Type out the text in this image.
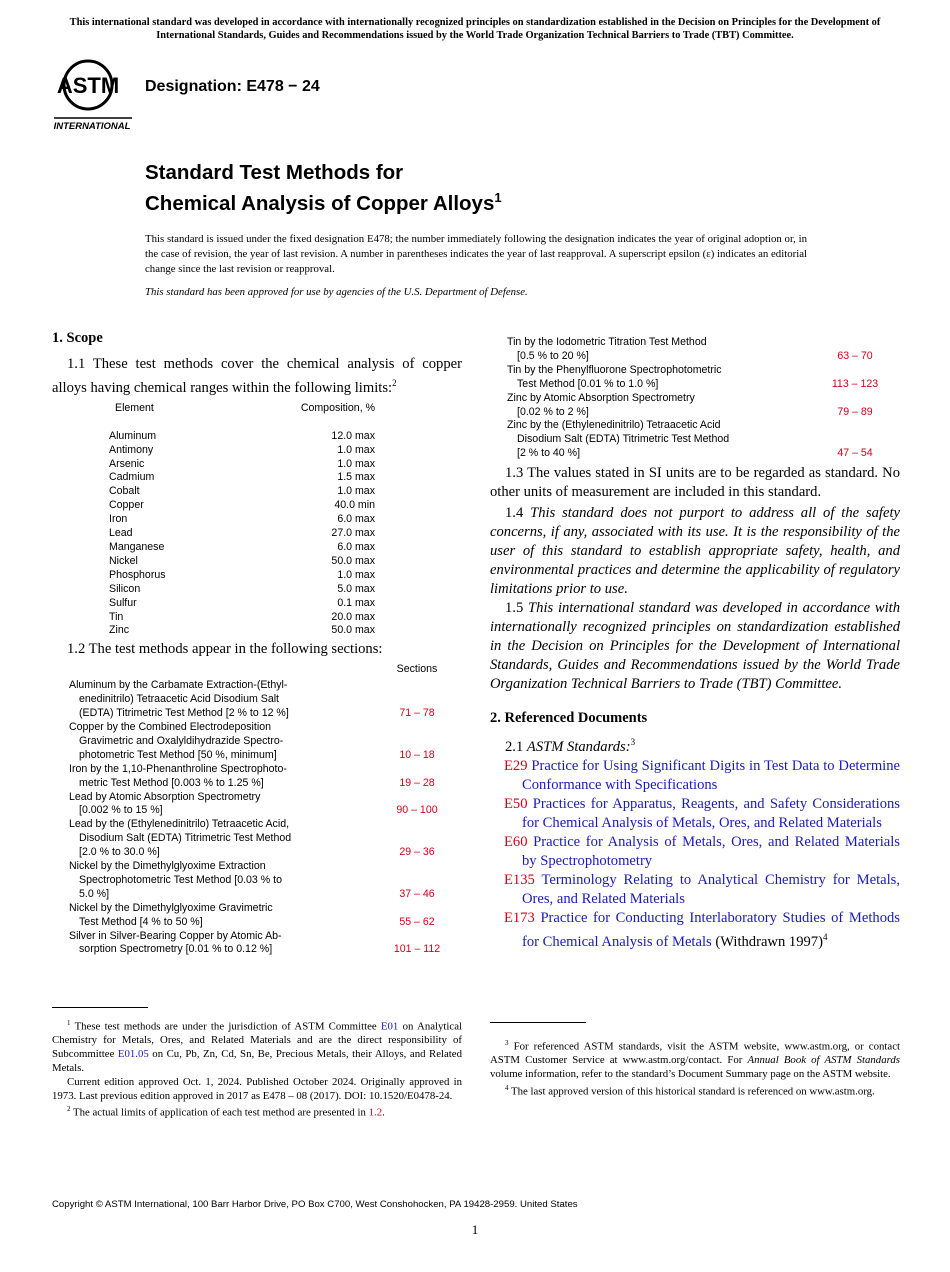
This international standard was developed in accordance with internationally recognized principles on standardization established in the Decision on Principles for the Development of International Standards, Guides and Recommendations issued by the World Trade Organization Technical Barriers to Trade (TBT) Committee.
ASTM
INTERNATIONAL
Designation: E478 − 24
Standard Test Methods for
Chemical Analysis of Copper Alloys$^1$
This standard is issued under the fixed designation E478; the number immediately following the designation indicates the year of original adoption or, in the case of revision, the year of last revision. A number in parentheses indicates the year of last reapproval. A superscript epsilon (ε) indicates an editorial change since the last revision or reapproval.
This standard has been approved for use by agencies of the U.S. Department of Defense.

1. Scope

1.1 These test methods cover the chemical analysis of copper alloys having chemical ranges within the following limits:$^2$

Element	Composition, %

Aluminum	12.0 max
Antimony	1.0 max
Arsenic	1.0 max
Cadmium	1.5 max
Cobalt	1.0 max
Copper	40.0 min
Iron	6.0 max
Lead	27.0 max
Manganese	6.0 max
Nickel	50.0 max
Phosphorus	1.0 max
Silicon	5.0 max
Sulfur	0.1 max
Tin	20.0 max
Zinc	50.0 max

1.2 The test methods appear in the following sections:

Sections
Aluminum by the Carbamate Extraction-(Ethyl-
enedinitrilo) Tetraacetic Acid Disodium Salt
(EDTA) Titrimetric Test Method [2 % to 12 %]	71 – 78
Copper by the Combined Electrodeposition
Gravimetric and Oxalyldihydrazide Spectro-
photometric Test Method [50 %, minimum]	10 – 18
Iron by the 1,10-Phenanthroline Spectrophoto-
metric Test Method [0.003 % to 1.25 %]	19 – 28
Lead by Atomic Absorption Spectrometry
[0.002 % to 15 %]	90 – 100
Lead by the (Ethylenedinitrilo) Tetraacetic Acid,
Disodium Salt (EDTA) Titrimetric Test Method
[2.0 % to 30.0 %]	29 – 36
Nickel by the Dimethylglyoxime Extraction
Spectrophotometric Test Method [0.03 % to
5.0 %]	37 – 46
Nickel by the Dimethylglyoxime Gravimetric
Test Method [4 % to 50 %]	55 – 62
Silver in Silver-Bearing Copper by Atomic Ab-
sorption Spectrometry [0.01 % to 0.12 %]	101 – 112

$^1$ These test methods are under the jurisdiction of ASTM Committee E01 on Analytical Chemistry for Metals, Ores, and Related Materials and are the direct responsibility of Subcommittee E01.05 on Cu, Pb, Zn, Cd, Sn, Be, Precious Metals, their Alloys, and Related Metals.

Current edition approved Oct. 1, 2024. Published October 2024. Originally approved in 1973. Last previous edition approved in 2017 as E478 – 08 (2017). DOI: 10.1520/E0478-24.

$^2$ The actual limits of application of each test method are presented in 1.2.

Tin by the Iodometric Titration Test Method
[0.5 % to 20 %]	63 – 70
Tin by the Phenylfluorone Spectrophotometric
Test Method [0.01 % to 1.0 %]	113 – 123
Zinc by Atomic Absorption Spectrometry
[0.02 % to 2 %]	79 – 89
Zinc by the (Ethylenedinitrilo) Tetraacetic Acid
Disodium Salt (EDTA) Titrimetric Test Method
[2 % to 40 %]	47 – 54

1.3 The values stated in SI units are to be regarded as standard. No other units of measurement are included in this standard.

1.4 This standard does not purport to address all of the safety concerns, if any, associated with its use. It is the responsibility of the user of this standard to establish appropriate safety, health, and environmental practices and determine the applicability of regulatory limitations prior to use.

1.5 This international standard was developed in accordance with internationally recognized principles on standardization established in the Decision on Principles for the Development of International Standards, Guides and Recommendations issued by the World Trade Organization Technical Barriers to Trade (TBT) Committee.

2. Referenced Documents

2.1 ASTM Standards:$^3$

E29 Practice for Using Significant Digits in Test Data to Determine Conformance with Specifications

E50 Practices for Apparatus, Reagents, and Safety Considerations for Chemical Analysis of Metals, Ores, and Related Materials

E60 Practice for Analysis of Metals, Ores, and Related Materials by Spectrophotometry

E135 Terminology Relating to Analytical Chemistry for Metals, Ores, and Related Materials

E173 Practice for Conducting Interlaboratory Studies of Methods for Chemical Analysis of Metals (Withdrawn 1997)$^4$

$^3$ For referenced ASTM standards, visit the ASTM website, www.astm.org, or contact ASTM Customer Service at www.astm.org/contact. For Annual Book of ASTM Standards volume information, refer to the standard’s Document Summary page on the ASTM website.

$^4$ The last approved version of this historical standard is referenced on www.astm.org.

Copyright © ASTM International, 100 Barr Harbor Drive, PO Box C700, West Conshohocken, PA 19428-2959. United States
1
